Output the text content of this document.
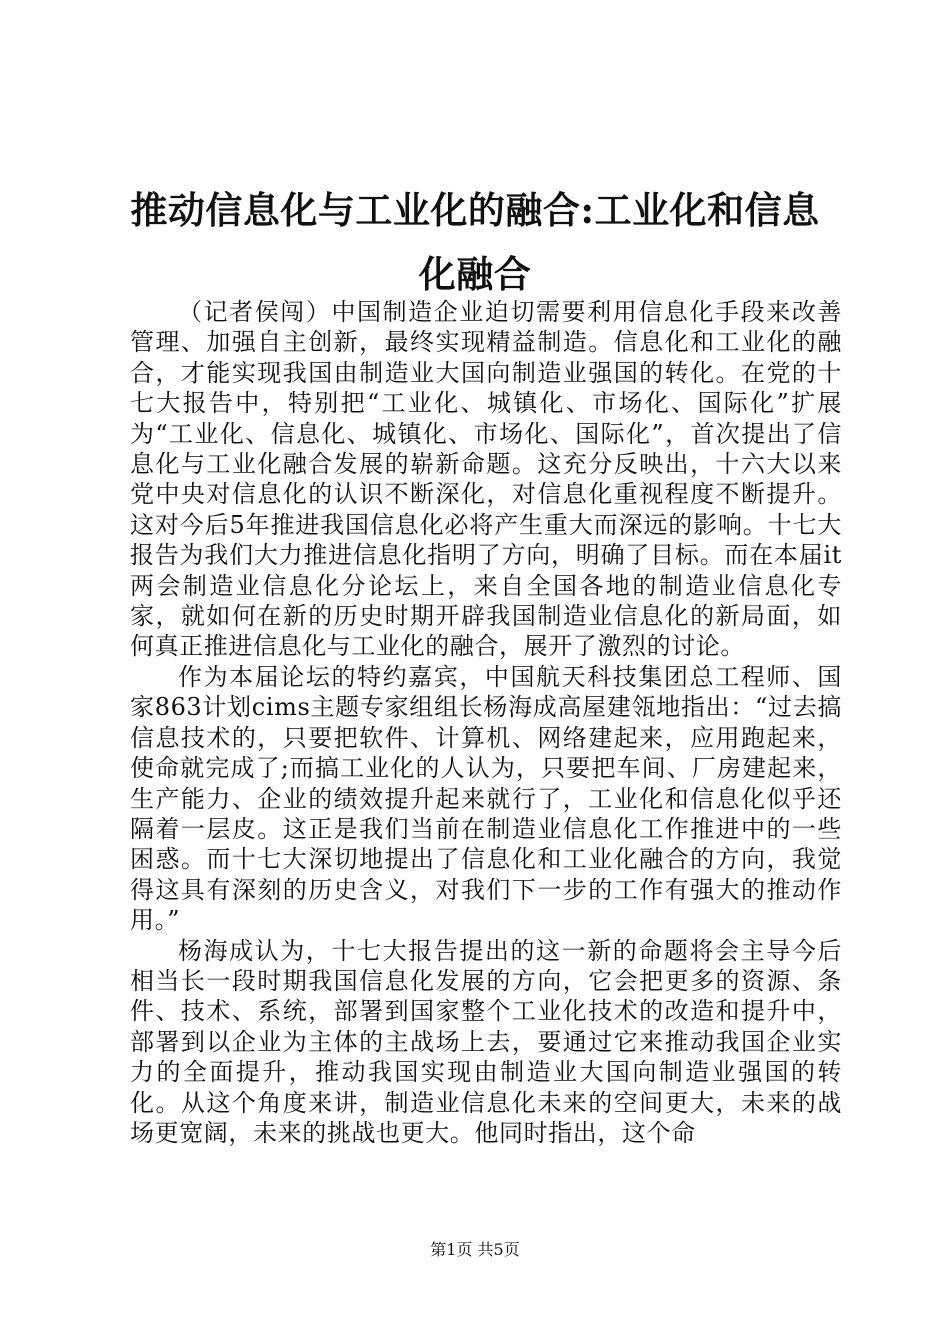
推动信息化与工业化的融合:工业化和信息化融合

（记者侯闯）中国制造企业迫切需要利用信息化手段来改善管理、加强自主创新，最终实现精益制造。信息化和工业化的融合，才能实现我国由制造业大国向制造业强国的转化。在党的十七大报告中，特别把“工业化、城镇化、市场化、国际化”扩展为“工业化、信息化、城镇化、市场化、国际化”，首次提出了信息化与工业化融合发展的崭新命题。这充分反映出，十六大以来党中央对信息化的认识不断深化，对信息化重视程度不断提升。这对今后5年推进我国信息化必将产生重大而深远的影响。十七大报告为我们大力推进信息化指明了方向，明确了目标。而在本届it两会制造业信息化分论坛上，来自全国各地的制造业信息化专家，就如何在新的历史时期开辟我国制造业信息化的新局面，如何真正推进信息化与工业化的融合，展开了激烈的讨论。

作为本届论坛的特约嘉宾，中国航天科技集团总工程师、国家863计划cims主题专家组组长杨海成高屋建瓴地指出：“过去搞信息技术的，只要把软件、计算机、网络建起来，应用跑起来，使命就完成了;而搞工业化的人认为，只要把车间、厂房建起来，生产能力、企业的绩效提升起来就行了，工业化和信息化似乎还隔着一层皮。这正是我们当前在制造业信息化工作推进中的一些困惑。而十七大深切地提出了信息化和工业化融合的方向，我觉得这具有深刻的历史含义，对我们下一步的工作有强大的推动作用。”

杨海成认为，十七大报告提出的这一新的命题将会主导今后相当长一段时期我国信息化发展的方向，它会把更多的资源、条件、技术、系统，部署到国家整个工业化技术的改造和提升中，部署到以企业为主体的主战场上去，要通过它来推动我国企业实力的全面提升，推动我国实现由制造业大国向制造业强国的转化。从这个角度来讲，制造业信息化未来的空间更大，未来的战场更宽阔，未来的挑战也更大。他同时指出，这个命

第1页 共5页
